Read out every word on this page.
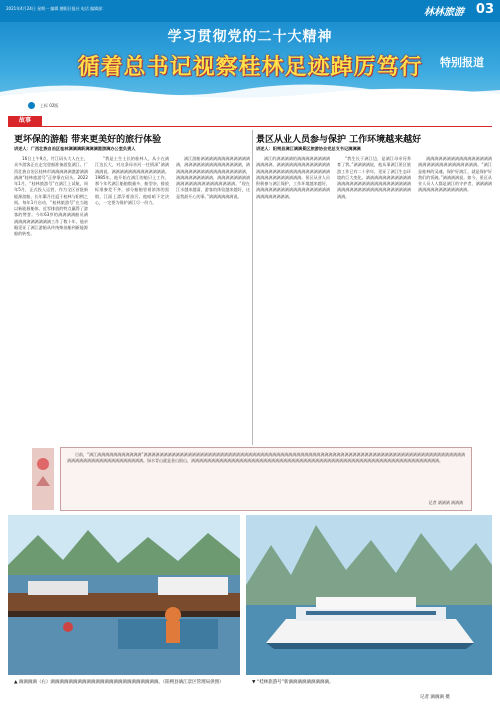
2021年4月24日 星期一 编辑 德阳日报社 电话 编辑部：	林林旅游 03
学习贯彻党的二十大精神
循着总书记视察桂林足迹踔厉笃行	特别报道
上标 02版
故事
更坏保的游船 带来更美好的旅行体验
讲述人：广西壮族自治区桂林漓漓漓新漓漓漓港游漓办公室负责人
景区从业人员参与保护 工作环境越来越好
讲述人：阳朔县漓江漓漓景区旅游协会党总支书记漓漓漓

16日上午9点，竹江码头大人在主，众多游客正在走完登船准备游览漓江。广西壮族自治区桂林市漓漓漓漓漓港游漓漓漓漓“桂林旅游号”正停靠在码头。2022年1月，“桂林旅游号”在漓江上试航，同年5月，正式投入运营，作为全区首批新能源游船，长年累月往返于桂林与阳朔之间。每年1月启动，“桂林旅游号”在当地以新能源船体、近零排放的特点赢得了游客的赞誉。今年63岁的漓漓漓漓船员漓漓漓漓漓漓漓漓漓漓工作了数十年，他亲眼见证了漓江游船从传统柴油船到新能源船的转变。

“我是土生土长的桂林人，从小在漓江边长大，对这条母亲河一往情深”漓漓漓漓说，漓漓漓漓漓漓漓漓漓漓漓漓漓。1985年，他开始在漓江的船只上工作，那个年代漓江船舶数量多，船型杂，排放标准参差不齐，部分船舶冒着浓浓的黑烟，江面上漂浮着油污。他暗暗下定决心，一定要为保护漓江尽一份力。

漓江游船漓漓漓漓漓漓漓漓漓漓漓漓漓，漓漓漓漓漓漓漓漓漓漓漓漓漓漓，漓漓漓漓漓漓漓漓漓漓漓漓漓漓漓漓漓漓，漓漓漓漓漓漓漓漓漓，漓漓漓漓漓漓漓漓漓漓漓漓漓漓漓漓漓漓漓漓漓漓。“现在江水越来越清，游客的体验越来越好，这是我最开心的事。”漓漓漓漓漓漓说。

漓江的漓漓漓漓的漓漓漓漓漓漓漓漓漓漓漓漓，漓漓漓漓漓漓漓漓漓漓漓漓漓漓漓漓漓漓漓漓漓漓漓漓漓漓漓漓漓漓漓漓漓漓漓漓漓漓漓漓漓漓。景区从业人员积极参与漓江保护，工作环境越来越好，漓漓漓漓漓漓漓漓漓漓漓漓漓漓漓漓漓漓漓漓漓漓漓漓漓漓。

“我生长于漓江边，是漓江母亲河养育了我。”漓漓漓漓说，他从事漓江景区旅游工作已有二十余年，见证了漓江生态环境的巨大变化。漓漓漓漓漓漓漓漓漓漓漓漓漓漓漓漓漓漓漓漓漓漓漓漓漓漓漓漓漓漓漓漓漓漓漓漓漓漓漓漓漓漓漓漓漓漓漓漓漓。

漓漓漓漓漓漓漓漓漓漓漓漓漓漓漓漓漓漓漓漓漓漓漓漓漓漓漓漓漓漓。“漓江是桂林的灵魂，保护好漓江，就是保护好我们的饭碗。”漓漓漓漓说。如今，景区从业人员人人都是漓江的守护者，漓漓漓漓漓漓漓漓漓漓漓漓漓漓漓漓。

日前，“漓江漓漓漓漓漓漓漓漓漓漓漓”漓漓漓漓漓漓漓漓漓漓漓漓漓漓漓漓漓漓漓漓漓漓漓漓漓漓漓漓漓漓漓漓漓漓漓漓漓漓漓漓漓漓漓漓漓漓漓漓漓漓漓漓漓漓漓漓漓漓漓漓漓漓漓漓漓漓漓漓漓漓漓漓漓漓漓漓漓漓漓漓漓漓漓漓漓漓漓漓漓漓漓漓漓漓漓漓漓漓漓。绿水青山就是金山银山，漓漓漓漓漓漓漓漓漓漓漓漓漓漓漓漓漓漓漓漓漓漓漓漓漓漓漓漓漓漓漓漓漓漓漓漓漓漓漓漓漓漓漓漓漓漓漓漓漓漓漓漓漓漓漓漓漓漓漓漓漓漓。

记者 漓漓漓 漓漓漓
▲ 漓漓漓漓（右）漓漓漓漓漓漓漓漓漓漓漓漓漓漓漓漓漓漓漓漓漓漓漓漓。（阳朔县漓江景区管理局供图）	▼ “桂林旅游号”新漓漓漓漓漓漓漓漓漓。
记者 漓漓漓 摄
